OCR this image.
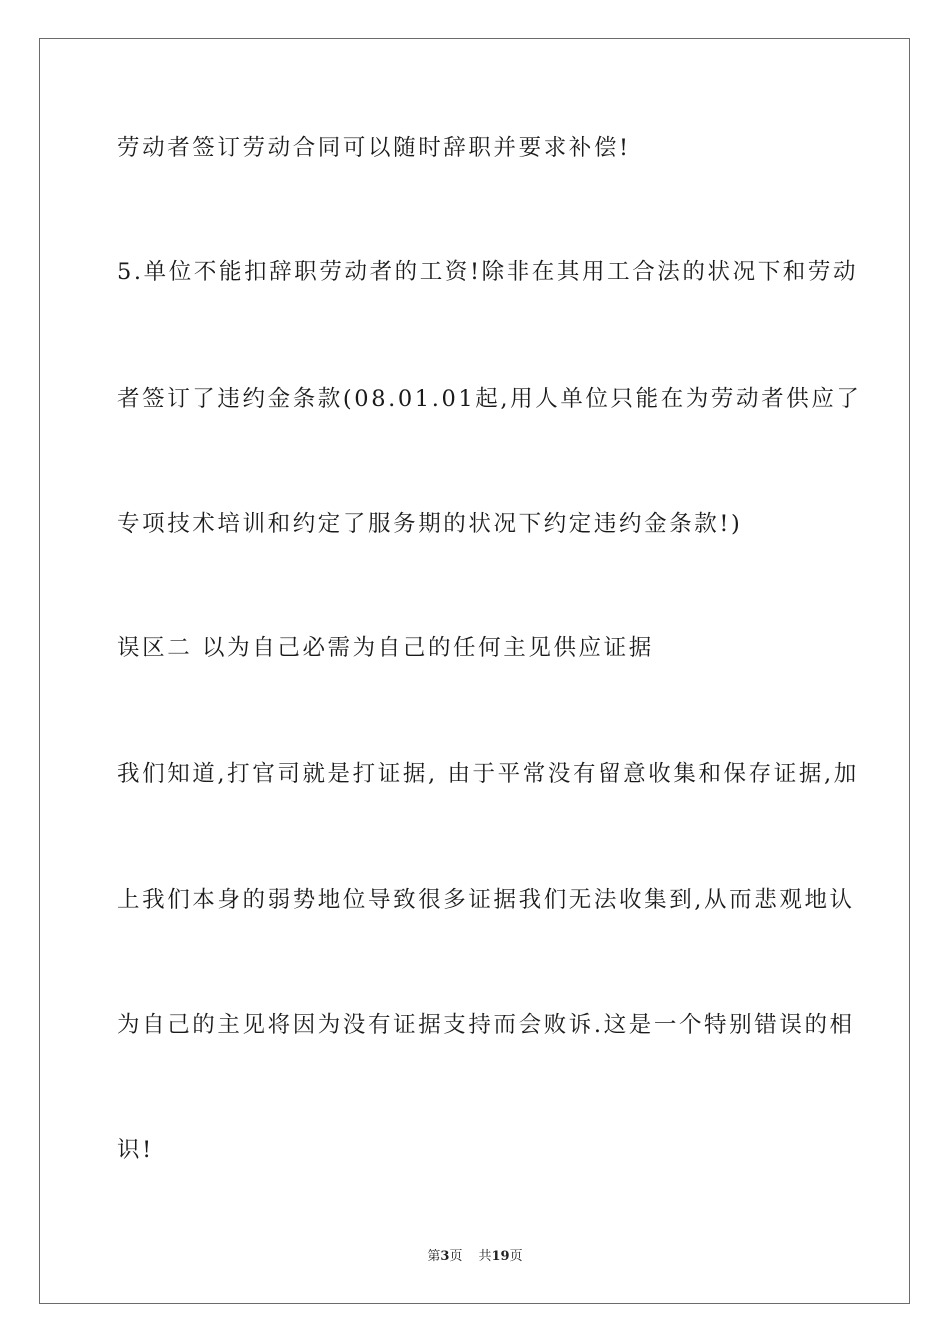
劳动者签订劳动合同可以随时辞职并要求补偿!
5.单位不能扣辞职劳动者的工资!除非在其用工合法的状况下和劳动
者签订了违约金条款(08.01.01起,用人单位只能在为劳动者供应了
专项技术培训和约定了服务期的状况下约定违约金条款!)
误区二 以为自己必需为自己的任何主见供应证据
我们知道,打官司就是打证据, 由于平常没有留意收集和保存证据,加
上我们本身的弱势地位导致很多证据我们无法收集到,从而悲观地认
为自己的主见将因为没有证据支持而会败诉.这是一个特别错误的相
识!
第3页 共19页
